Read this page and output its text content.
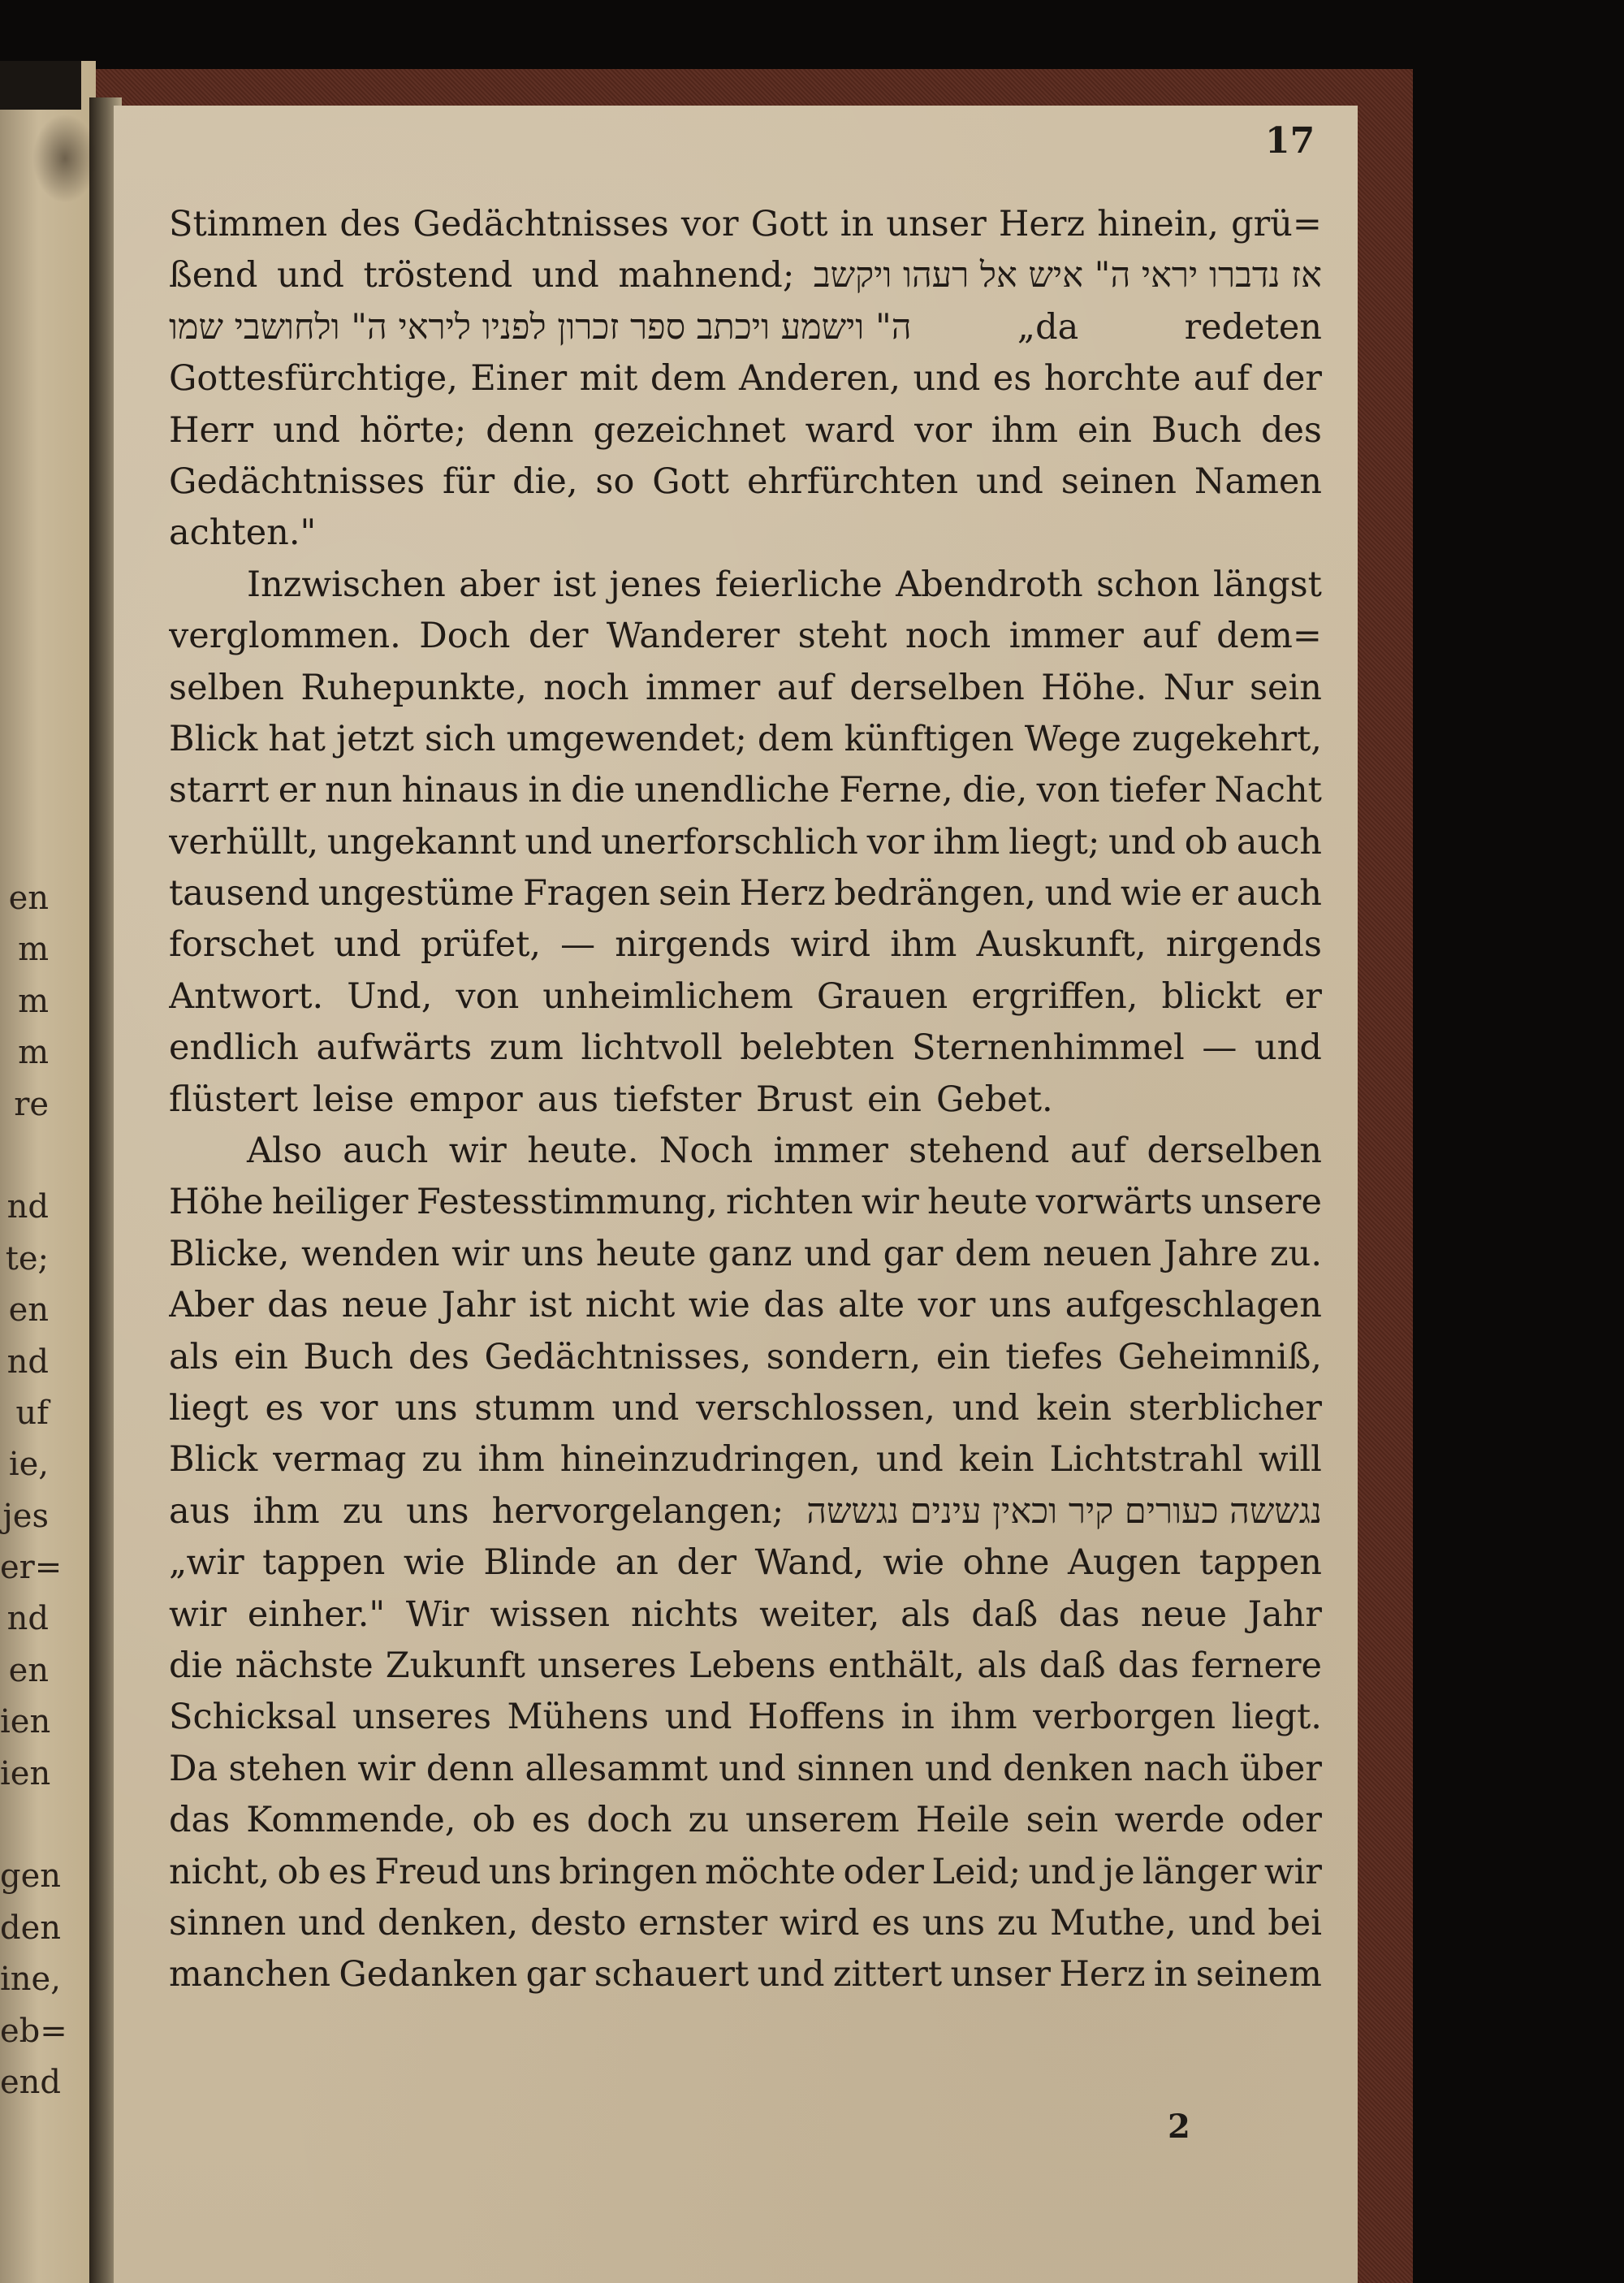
en
m
m
m
re
nd
te;
en
nd
uf
ie,
jes
er=
nd
en
ien
ien
gen
den
ine,
eb=
end
17
Stimmen des Gedächtnisses vor Gott in unser Herz hinein, grü=
ßend und tröstend und mahnend; אז נדברו יראי ה" איש אל רעהו ויקשב
ה" וישמע ויכתב ספר זכרון לפניו ליראי ה" ולחושבי שמו	„da	redeten
Gottesfürchtige, Einer mit dem Anderen, und es horchte auf der
Herr und hörte; denn gezeichnet ward vor ihm ein Buch des
Gedächtnisses für die, so Gott ehrfürchten und seinen Namen
achten."
Inzwischen aber ist jenes feierliche Abendroth schon längst
verglommen. Doch der Wanderer steht noch immer auf dem=
selben Ruhepunkte, noch immer auf derselben Höhe. Nur sein
Blick hat jetzt sich umgewendet; dem künftigen Wege zugekehrt,
starrt er nun hinaus in die unendliche Ferne, die, von tiefer Nacht
verhüllt, ungekannt und unerforschlich vor ihm liegt; und ob auch
tausend ungestüme Fragen sein Herz bedrängen, und wie er auch
forschet und prüfet, — nirgends wird ihm Auskunft, nirgends
Antwort. Und, von unheimlichem Grauen ergriffen, blickt er
endlich aufwärts zum lichtvoll belebten Sternenhimmel — und
flüstert leise empor aus tiefster Brust ein Gebet.
Also auch wir heute. Noch immer stehend auf derselben
Höhe heiliger Festesstimmung, richten wir heute vorwärts unsere
Blicke, wenden wir uns heute ganz und gar dem neuen Jahre zu.
Aber das neue Jahr ist nicht wie das alte vor uns aufgeschlagen
als ein Buch des Gedächtnisses, sondern, ein tiefes Geheimniß,
liegt es vor uns stumm und verschlossen, und kein sterblicher
Blick vermag zu ihm hineinzudringen, und kein Lichtstrahl will
aus ihm zu uns hervorgelangen; נגששה כעורים קיר וכאין עינים נגששה
„wir tappen wie Blinde an der Wand, wie ohne Augen tappen
wir einher." Wir wissen nichts weiter, als daß das neue Jahr
die nächste Zukunft unseres Lebens enthält, als daß das fernere
Schicksal unseres Mühens und Hoffens in ihm verborgen liegt.
Da stehen wir denn allesammt und sinnen und denken nach über
das Kommende, ob es doch zu unserem Heile sein werde oder
nicht, ob es Freud uns bringen möchte oder Leid; und je länger wir
sinnen und denken, desto ernster wird es uns zu Muthe, und bei
manchen Gedanken gar schauert und zittert unser Herz in seinem
2
